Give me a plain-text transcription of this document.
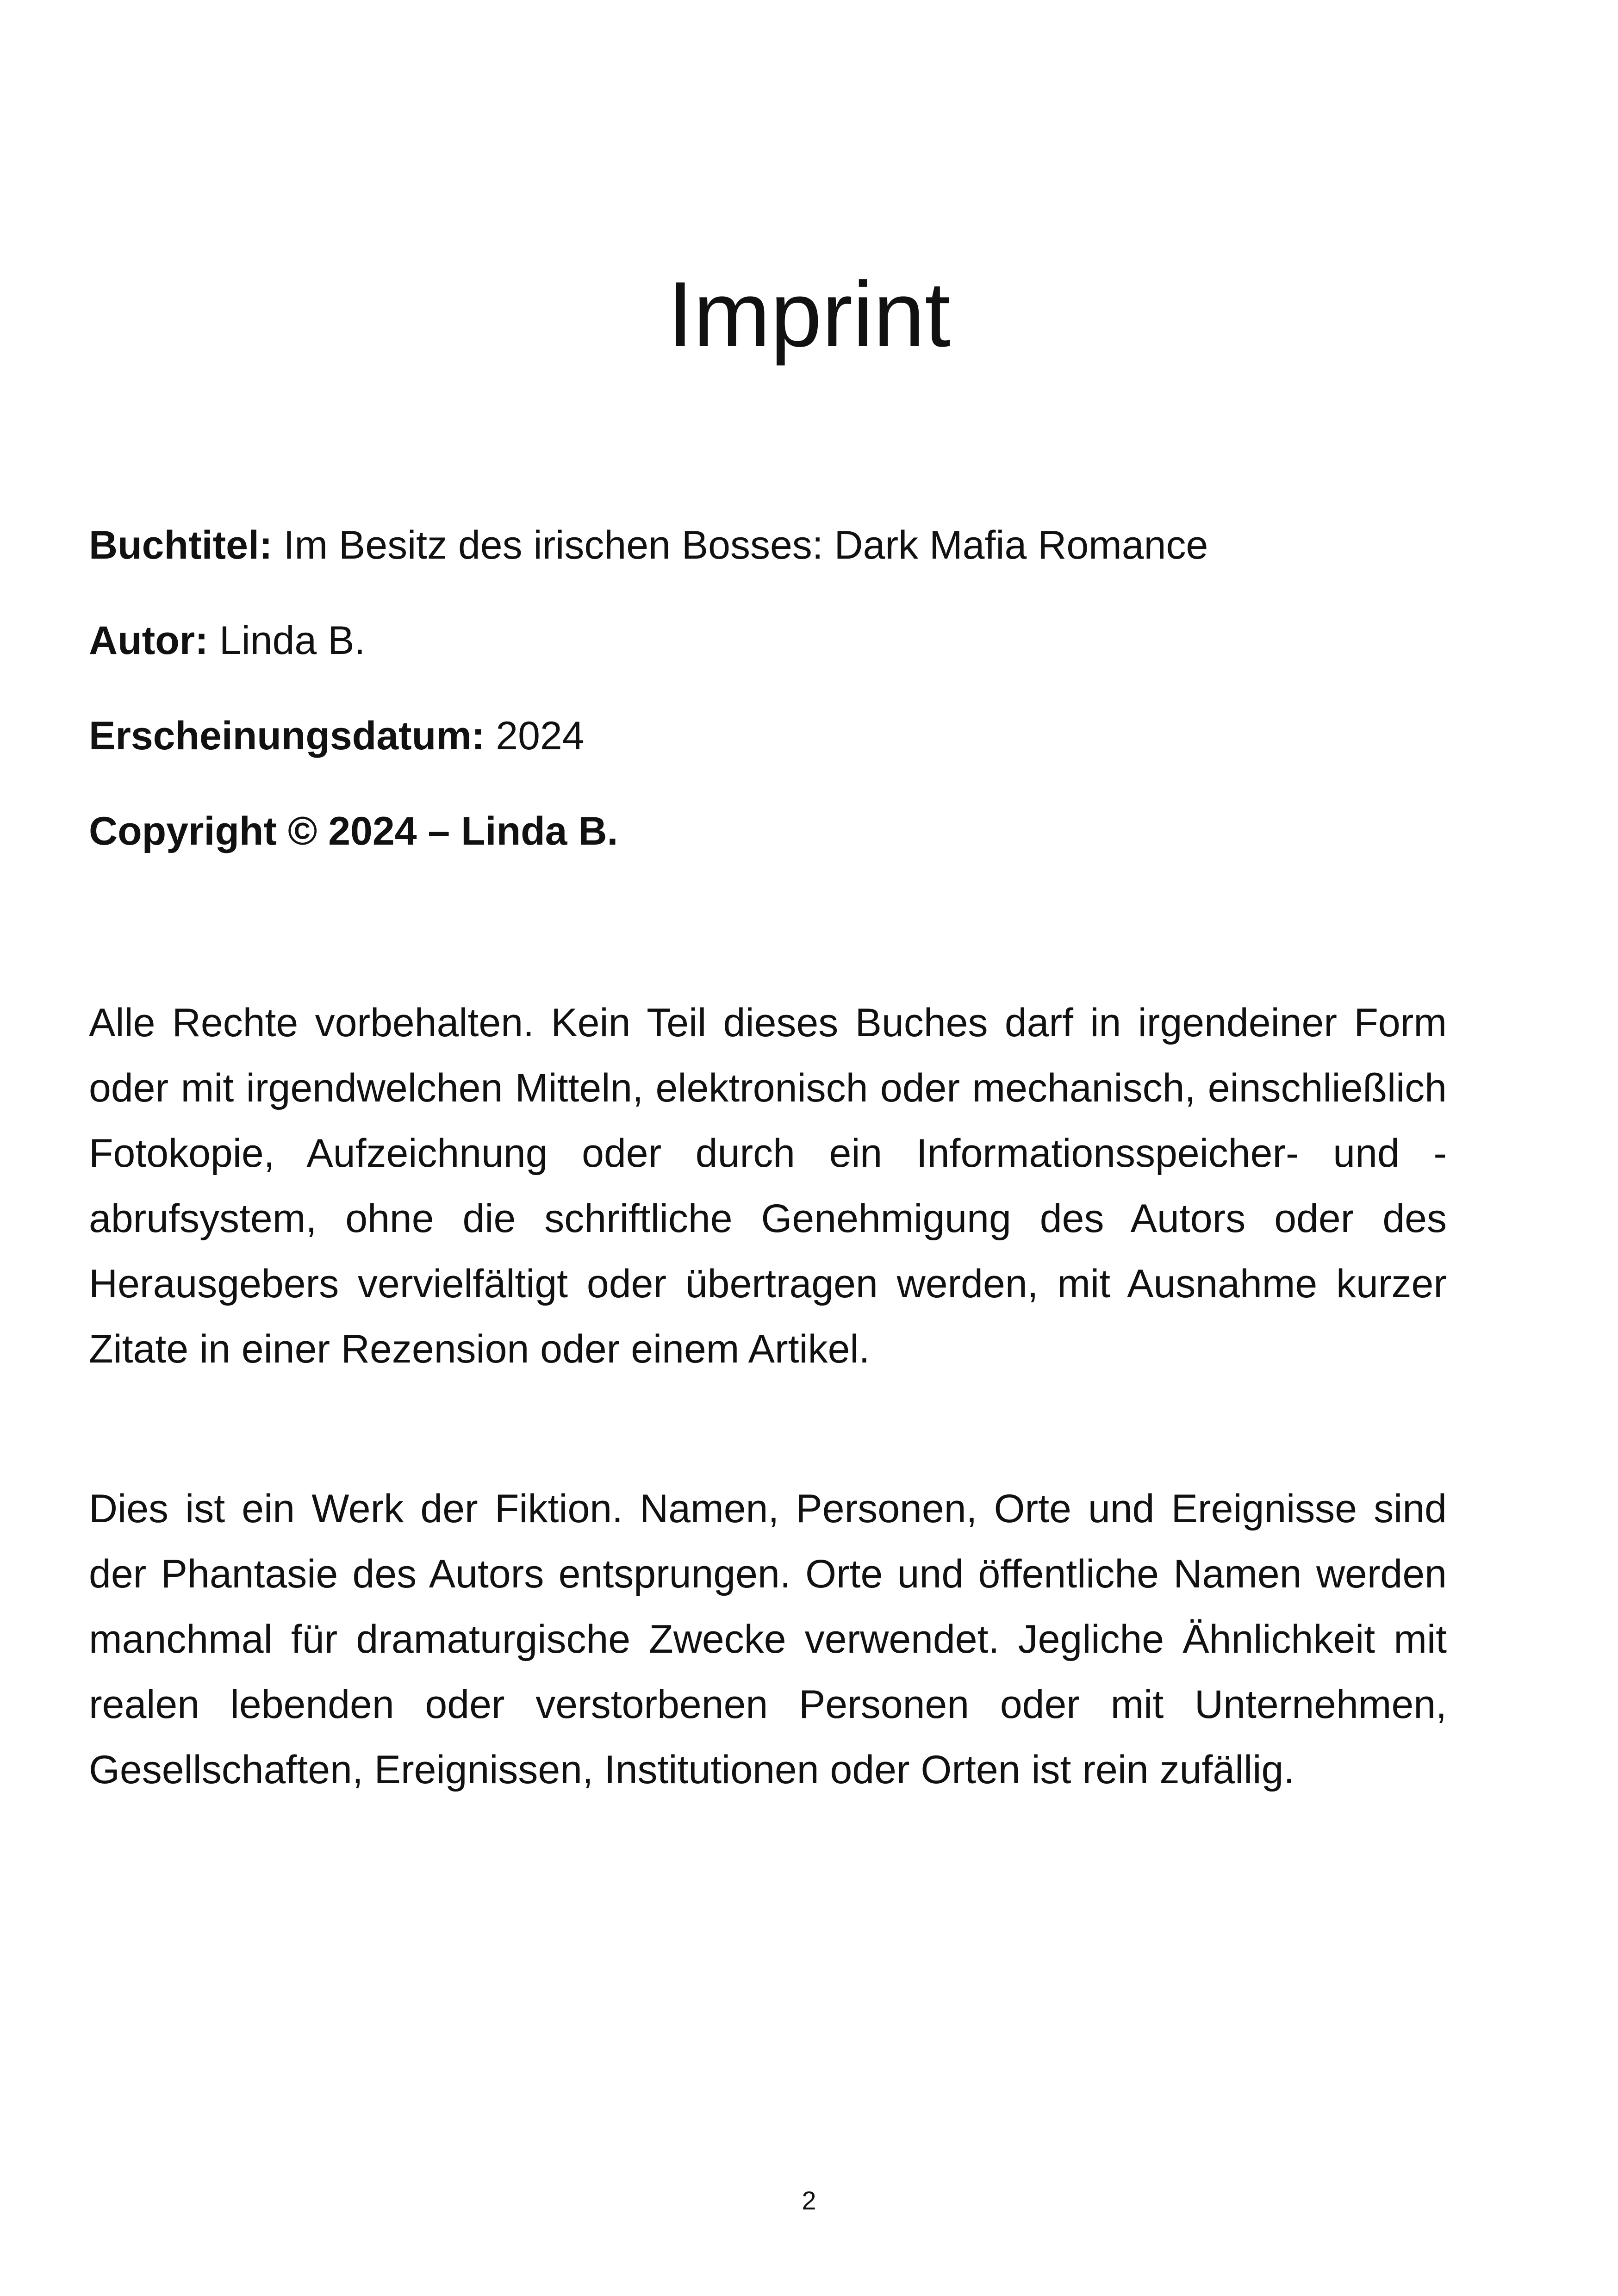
Imprint
Buchtitel: Im Besitz des irischen Bosses: Dark Mafia Romance
Autor: Linda B.
Erscheinungsdatum: 2024
Copyright © 2024 – Linda B.

Alle Rechte vorbehalten. Kein Teil dieses Buches darf in irgendeiner Form oder mit irgendwelchen Mitteln, elektronisch oder mechanisch, einschließlich Fotokopie, Aufzeichnung oder durch ein Informationsspeicher- und -abrufsystem, ohne die schriftliche Genehmigung des Autors oder des Herausgebers vervielfältigt oder übertragen werden, mit Ausnahme kurzer Zitate in einer Rezension oder einem Artikel.

Dies ist ein Werk der Fiktion. Namen, Personen, Orte und Ereignisse sind der Phantasie des Autors entsprungen. Orte und öffentliche Namen werden manchmal für dramaturgische Zwecke verwendet. Jegliche Ähnlichkeit mit realen lebenden oder verstorbenen Personen oder mit Unternehmen, Gesellschaften, Ereignissen, Institutionen oder Orten ist rein zufällig.

2
